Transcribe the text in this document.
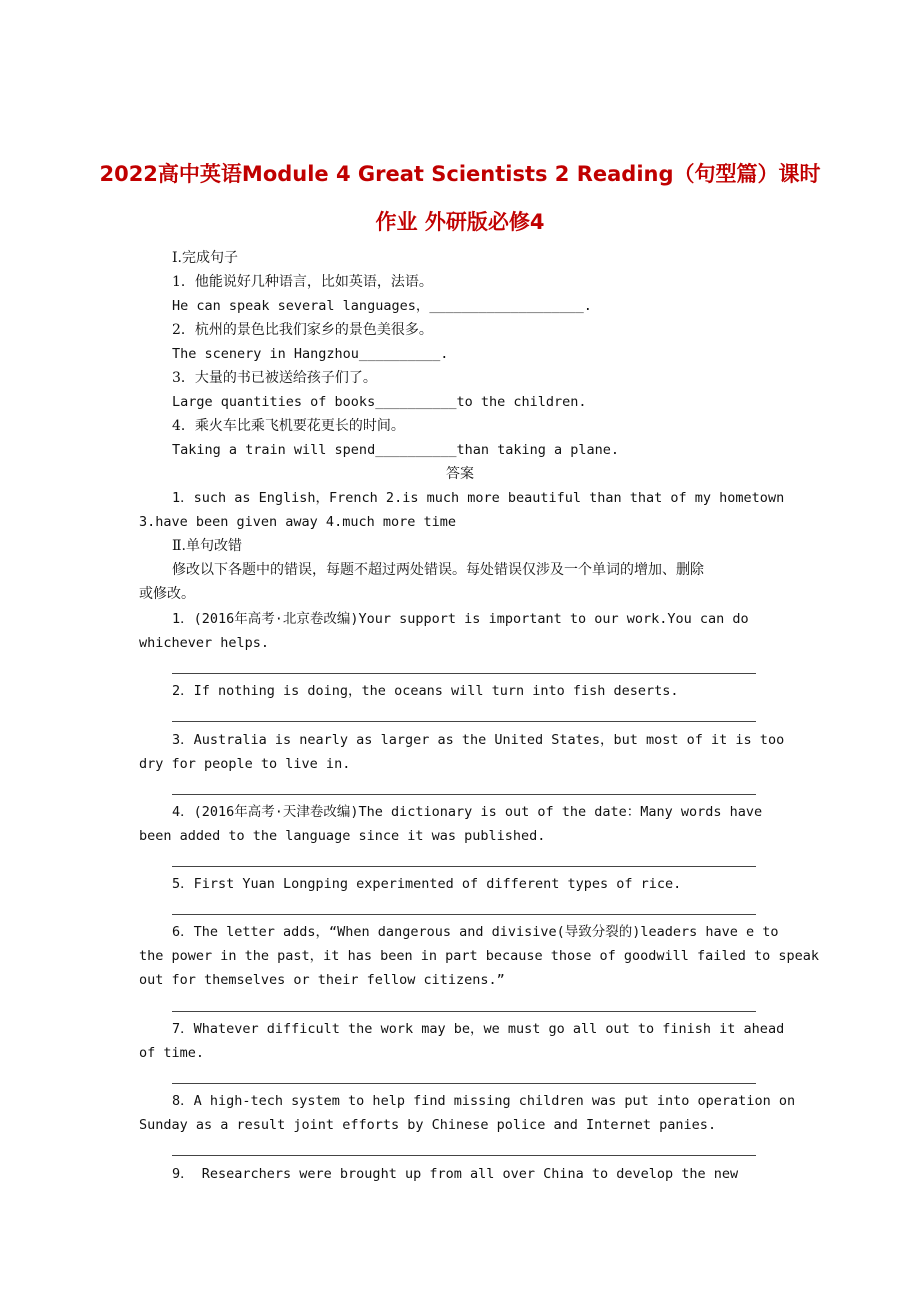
2022高中英语Module 4 Great Scientists 2 Reading（句型篇）课时
作业 外研版必修4
Ⅰ.完成句子
1．他能说好几种语言，比如英语，法语。
He can speak several languages，___________________.
2．杭州的景色比我们家乡的景色美很多。
The scenery in Hangzhou__________.
3．大量的书已被送给孩子们了。
Large quantities of books__________to the children.
4．乘火车比乘飞机要花更长的时间。
Taking a train will spend__________than taking a plane.
答案
1．such as English，French 2.is much more beautiful than that of my hometown
3.have been given away 4.much more time
Ⅱ.单句改错
修改以下各题中的错误，每题不超过两处错误。每处错误仅涉及一个单词的增加、删除
或修改。
1．(2016年高考·北京卷改编)Your support is important to our work.You can do
whichever helps.
2．If nothing is doing，the oceans will turn into fish deserts.
3．Australia is nearly as larger as the United States，but most of it is too
dry for people to live in.
4．(2016年高考·天津卷改编)The dictionary is out of the date：Many words have
been added to the language since it was published.
5．First Yuan Longping experimented of different types of rice.
6．The letter adds，“When dangerous and divisive(导致分裂的)leaders have e to
the power in the past，it has been in part because those of goodwill failed to speak
out for themselves or their fellow citizens.”
7．Whatever difficult the work may be，we must go all out to finish it ahead
of time.
8．A high-tech system to help find missing children was put into operation on
Sunday as a result joint efforts by Chinese police and Internet panies.
9． Researchers were brought up from all over China to develop the new
